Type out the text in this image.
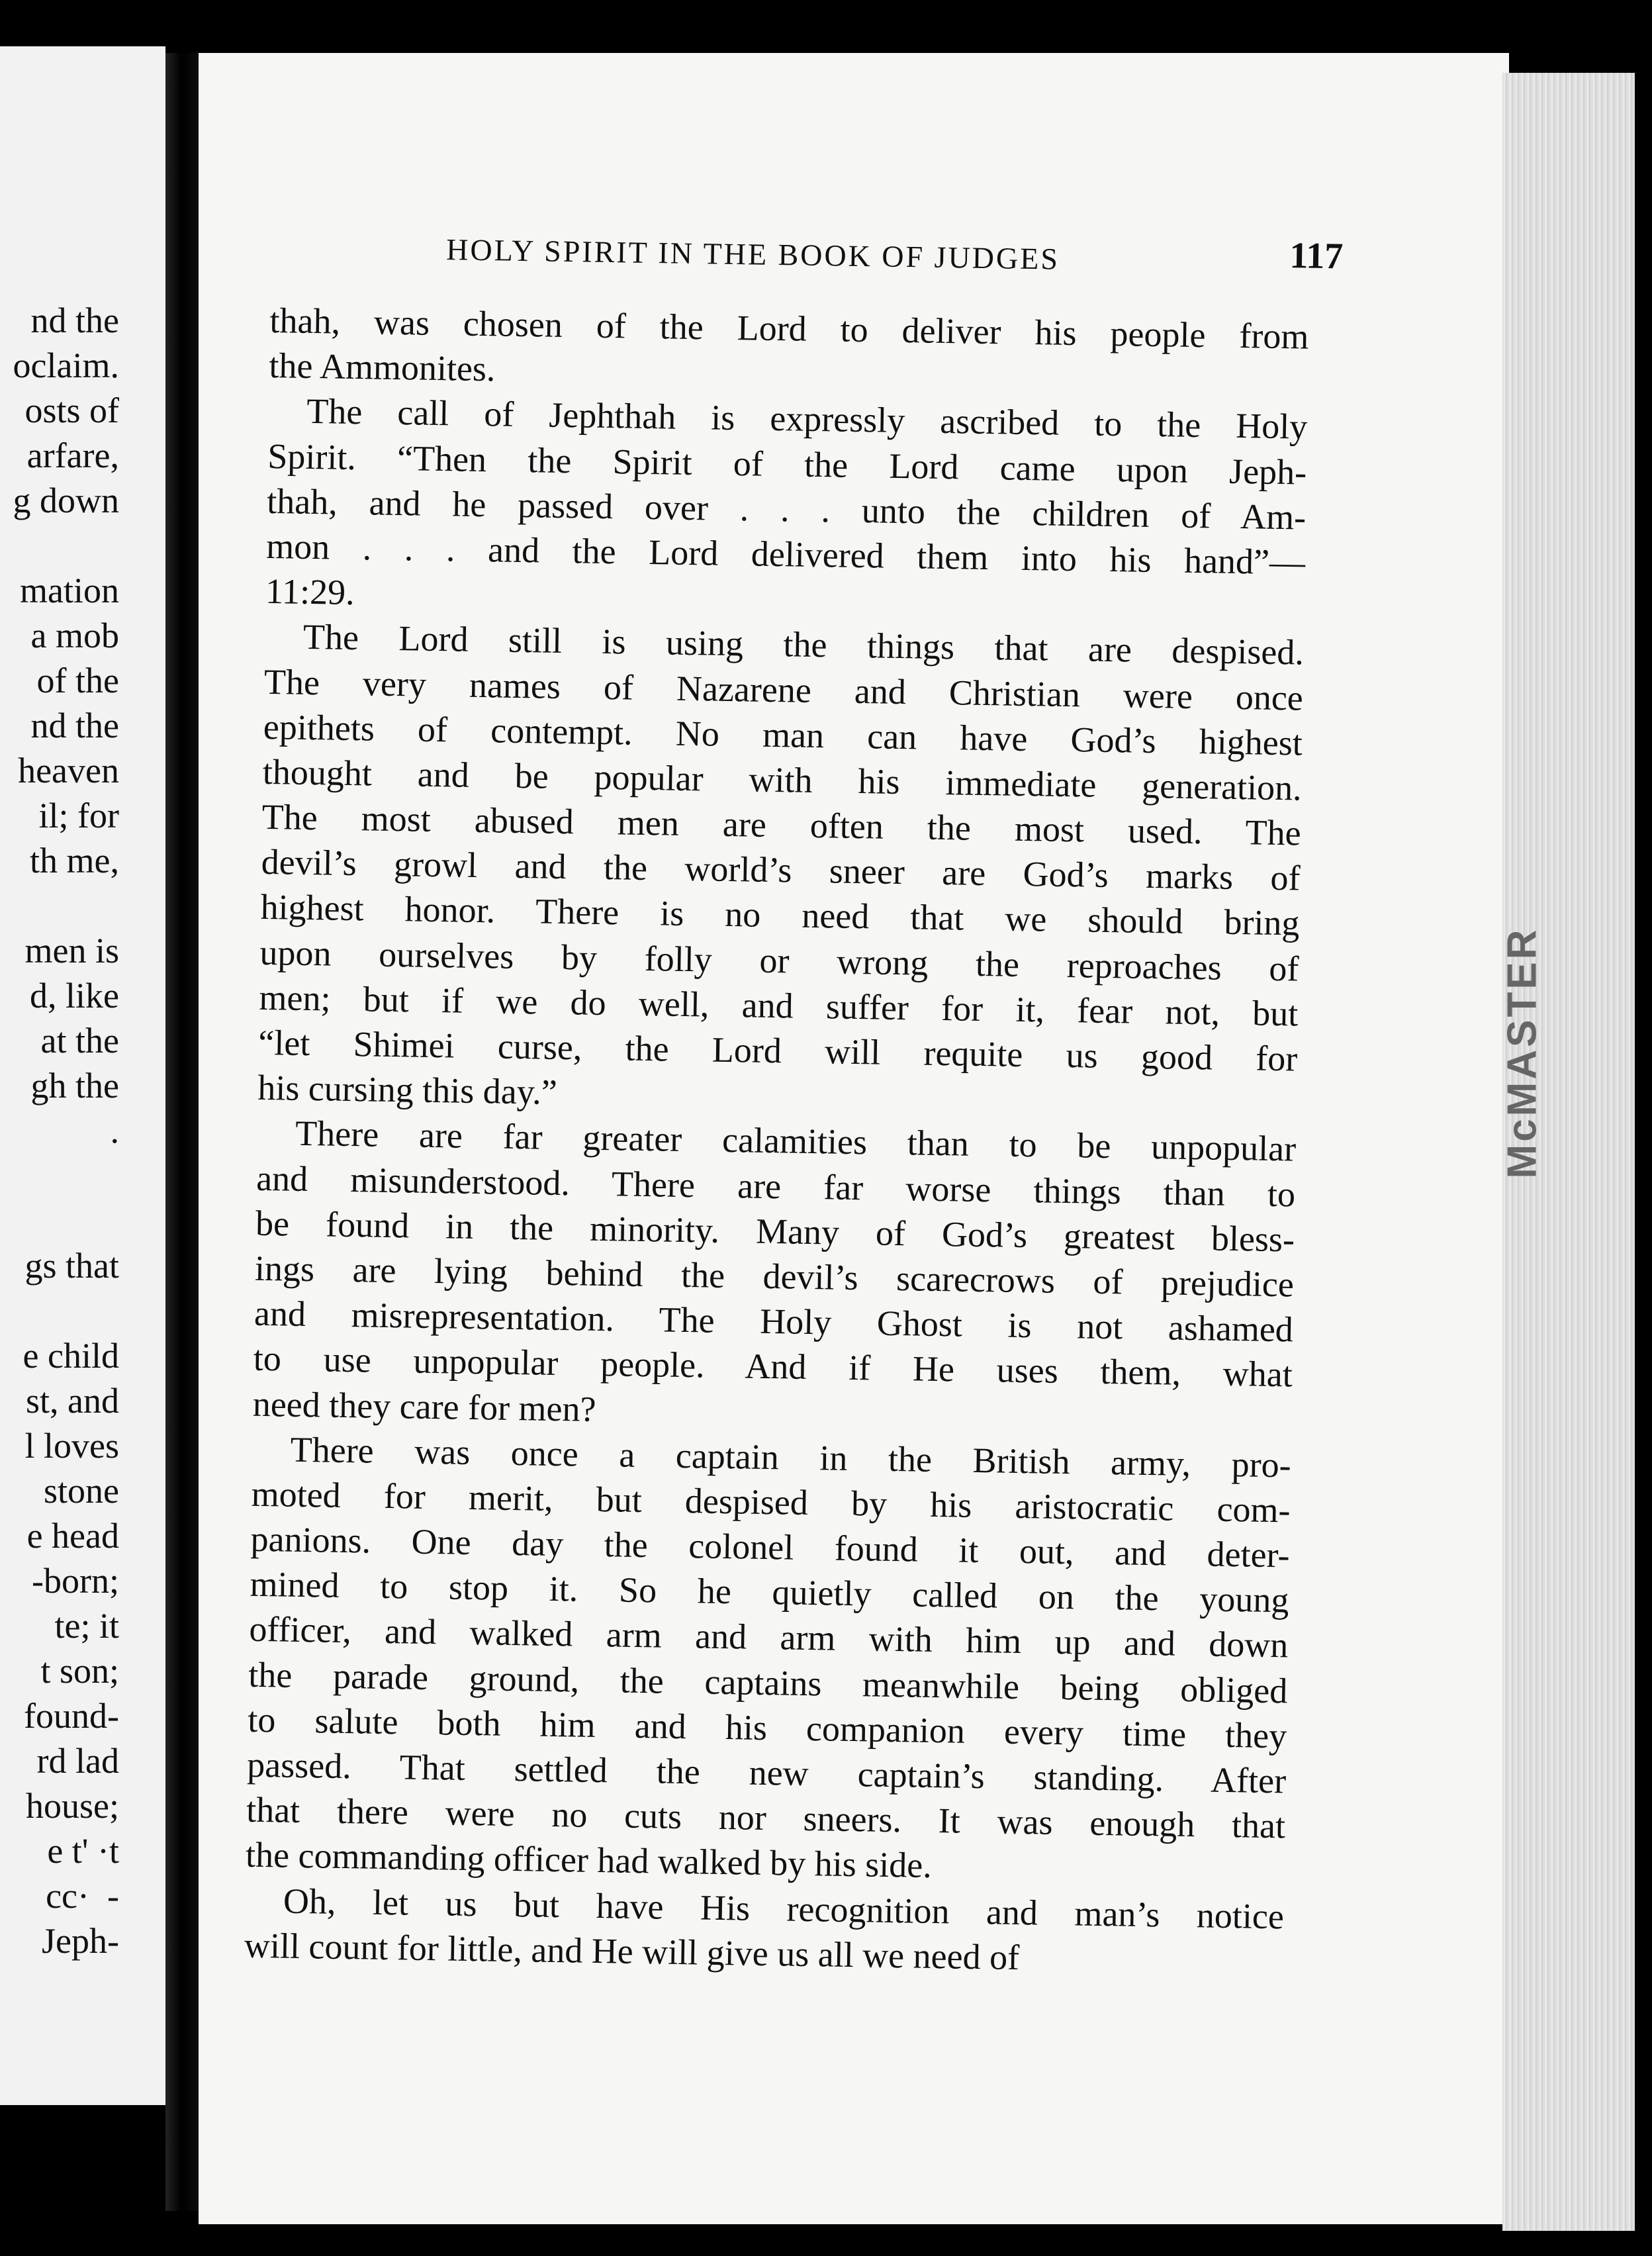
nd the
oclaim.
osts of
arfare,
g down
mation
a mob
of the
nd the
heaven
il; for
th me,
men is
d, like
at the
gh the
.
gs that
e child
st, and
l loves
stone
e head
-born;
te; it
t son;
found-
rd lad
house;
e t' ·t
cc·  -
Jeph-
McMASTER
HOLY SPIRIT IN THE BOOK OF JUDGES	117

thah, was chosen of the Lord to deliver his people from
the Ammonites.

The call of Jephthah is expressly ascribed to the Holy
Spirit. “Then the Spirit of the Lord came upon Jeph-
thah, and he passed over . . . unto the children of Am-
mon . . . and the Lord delivered them into his hand”—
11:29.

The Lord still is using the things that are despised.
The very names of Nazarene and Christian were once
epithets of contempt. No man can have God’s highest
thought and be popular with his immediate generation.
The most abused men are often the most used. The
devil’s growl and the world’s sneer are God’s marks of
highest honor. There is no need that we should bring
upon ourselves by folly or wrong the reproaches of
men; but if we do well, and suffer for it, fear not, but
“let Shimei curse, the Lord will requite us good for
his cursing this day.”

There are far greater calamities than to be unpopular
and misunderstood. There are far worse things than to
be found in the minority. Many of God’s greatest bless-
ings are lying behind the devil’s scarecrows of prejudice
and misrepresentation. The Holy Ghost is not ashamed
to use unpopular people. And if He uses them, what
need they care for men?

There was once a captain in the British army, pro-
moted for merit, but despised by his aristocratic com-
panions. One day the colonel found it out, and deter-
mined to stop it. So he quietly called on the young
officer, and walked arm and arm with him up and down
the parade ground, the captains meanwhile being obliged
to salute both him and his companion every time they
passed. That settled the new captain’s standing. After
that there were no cuts nor sneers. It was enough that
the commanding officer had walked by his side.

Oh, let us but have His recognition and man’s notice
will count for little, and He will give us all we need of
